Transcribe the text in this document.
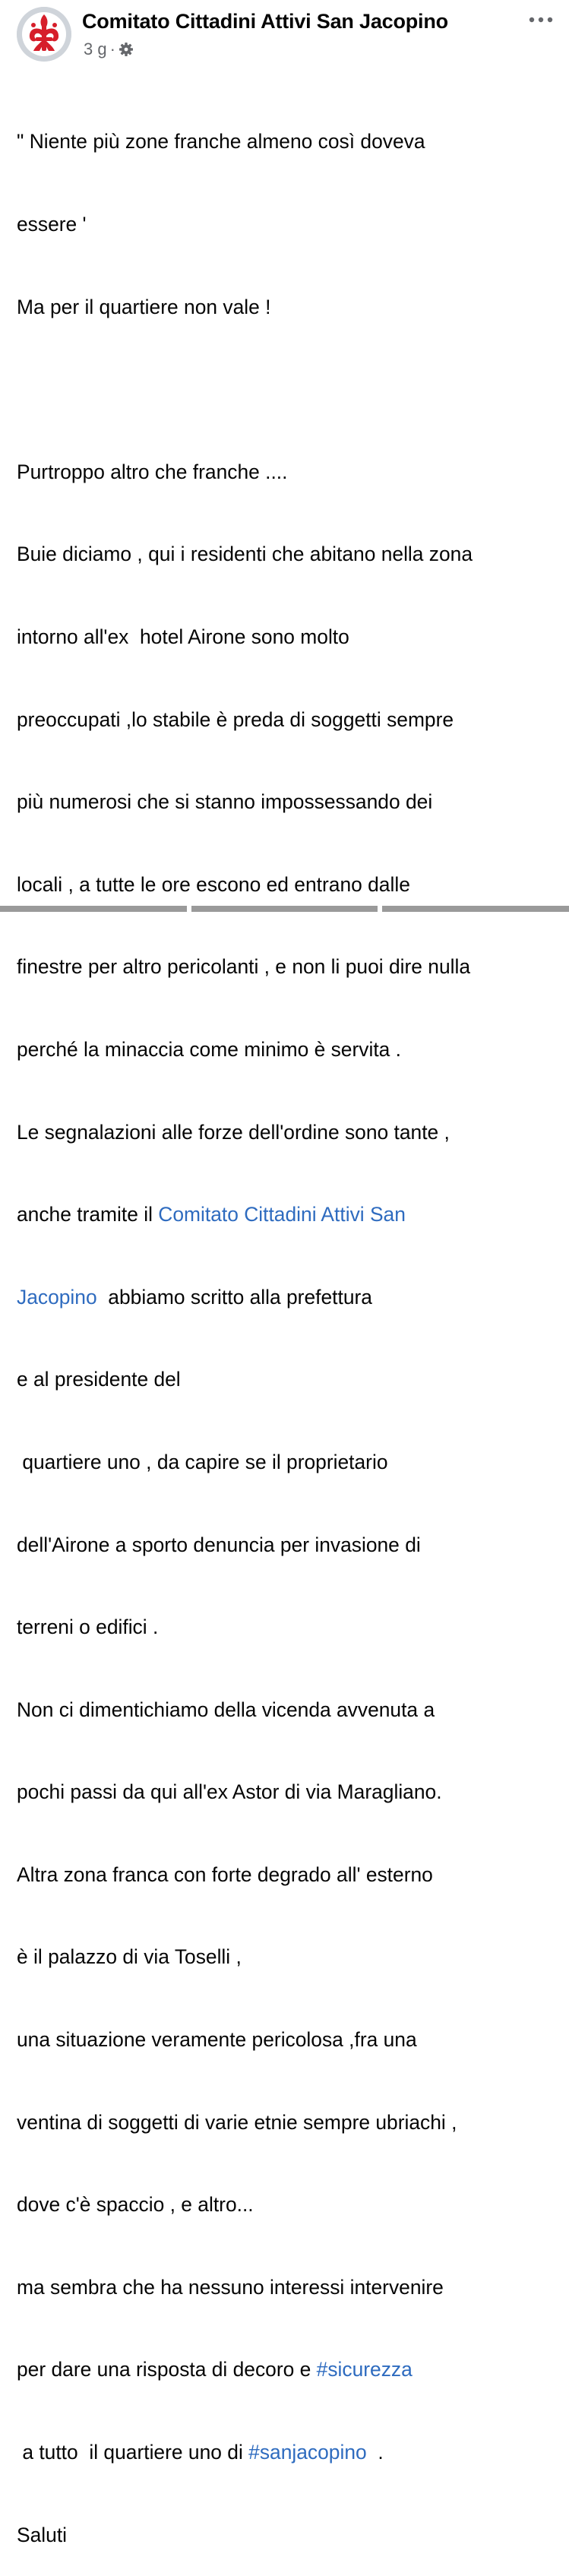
Comitato Cittadini Attivi San Jacopino
3 g ·

" Niente più zone franche almeno così doveva

essere '

Ma per il quartiere non vale !

Purtroppo altro che franche ....

Buie diciamo , qui i residenti che abitano nella zona

intorno all'ex  hotel Airone sono molto

preoccupati ,lo stabile è preda di soggetti sempre

più numerosi che si stanno impossessando dei

locali , a tutte le ore escono ed entrano dalle

finestre per altro pericolanti , e non li puoi dire nulla

perché la minaccia come minimo è servita .

Le segnalazioni alle forze dell'ordine sono tante ,

anche tramite il Comitato Cittadini Attivi San

Jacopino  abbiamo scritto alla prefettura

e al presidente del

quartiere uno , da capire se il proprietario

dell'Airone a sporto denuncia per invasione di

terreni o edifici .

Non ci dimentichiamo della vicenda avvenuta a

pochi passi da qui all'ex Astor di via Maragliano.

Altra zona franca con forte degrado all' esterno

è il palazzo di via Toselli ,

una situazione veramente pericolosa ,fra una

ventina di soggetti di varie etnie sempre ubriachi ,

dove c'è spaccio , e altro...

ma sembra che ha nessuno interessi intervenire

per dare una risposta di decoro e #sicurezza

a tutto  il quartiere uno di #sanjacopino  .

Saluti
